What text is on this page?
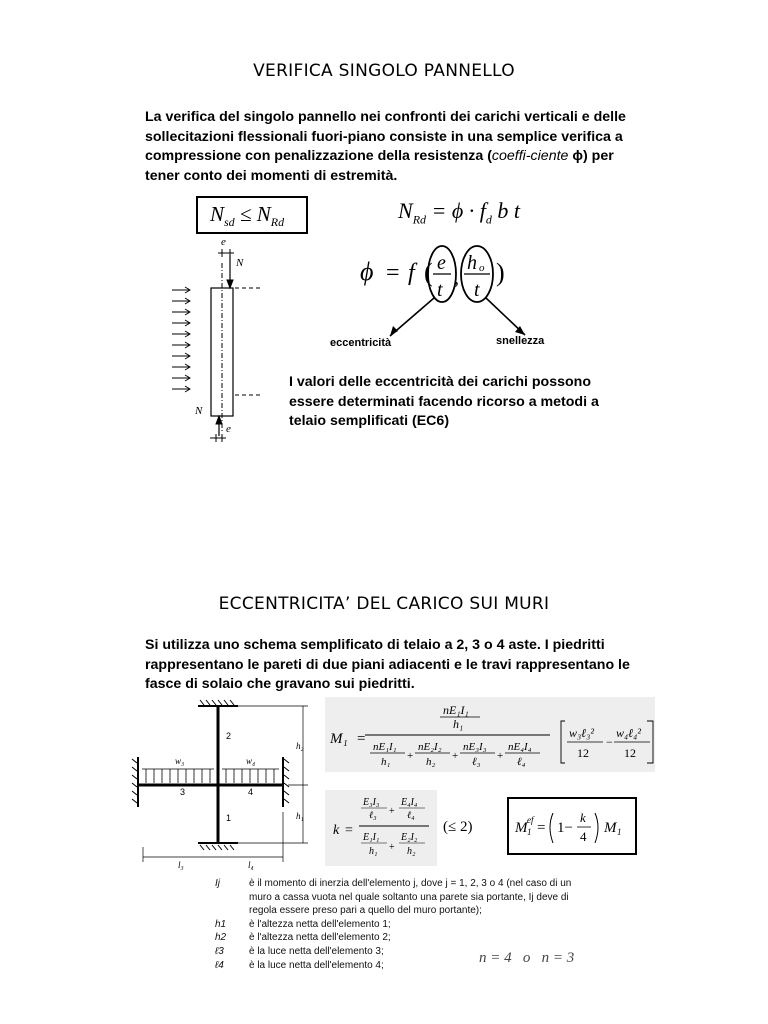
VERIFICA SINGOLO PANNELLO
La verifica del singolo pannello nei confronti dei carichi verticali e delle sollecitazioni flessionali fuori-piano consiste in una semplice verifica a compressione con penalizzazione della resistenza (coeffi-ciente ϕ) per tener conto dei momenti di estremità.
$N_{sd} \le N_{Rd}$	$N_{Rd} = \phi \cdot f_d$ b t
ϕ = f ( e
t
,
h o
t
)
eccentricità	snellezza
e
N
N
e
I valori delle eccentricità dei carichi possono essere determinati facendo ricorso a metodi a telaio semplificati (EC6)
ECCENTRICITA’ DEL CARICO SUI MURI
Si utilizza uno schema semplificato di telaio a 2, 3 o 4 aste. I piedritti rappresentano le pareti di due piani adiacenti e le travi rappresentano le fasce di solaio che gravano sui piedritti.
w₃	w₄
2
1
3	4
h₂
h₁
l₃	l₄
M₁ =
nE₁I₁
h₁
nE₁I₁
h₁ +
nE₂I₂
h₂ +
nE₃I₃
ℓ₃ +
nE₄I₄
ℓ₄
w₃ℓ₃²
12
−
w₄ℓ₄²
12
k =
E₃I₃
ℓ₃ +
E₄I₄
ℓ₄
E₁I₁
h₁ +
E₂I₂
h₂
(≤ 2)	M 1
ef = 1−
k
4
M 1
Ij	è il momento di inerzia dell'elemento j, dove j = 1, 2, 3 o 4 (nel caso di un muro a cassa vuota nel quale soltanto una parete sia portante, Ij deve di regola essere preso pari a quello del muro portante);
h1	è l'altezza netta dell'elemento 1;
h2	è l'altezza netta dell'elemento 2;
ℓ3	è la luce netta dell'elemento 3;
ℓ4	è la luce netta dell'elemento 4;	n = 4   o   n = 3
